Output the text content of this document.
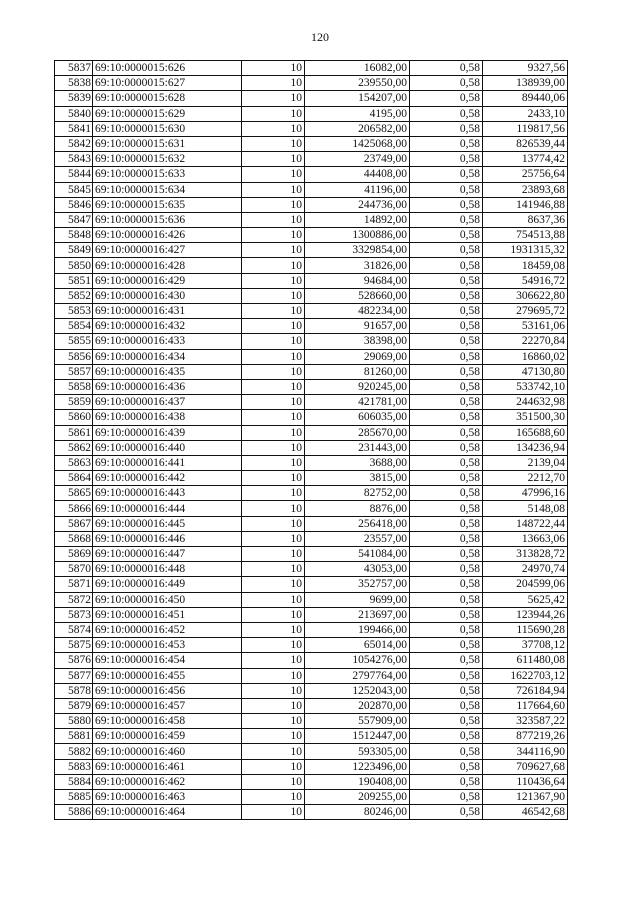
120
5837	69:10:0000015:626	10	16082,00	0,58	9327,56
5838	69:10:0000015:627	10	239550,00	0,58	138939,00
5839	69:10:0000015:628	10	154207,00	0,58	89440,06
5840	69:10:0000015:629	10	4195,00	0,58	2433,10
5841	69:10:0000015:630	10	206582,00	0,58	119817,56
5842	69:10:0000015:631	10	1425068,00	0,58	826539,44
5843	69:10:0000015:632	10	23749,00	0,58	13774,42
5844	69:10:0000015:633	10	44408,00	0,58	25756,64
5845	69:10:0000015:634	10	41196,00	0,58	23893,68
5846	69:10:0000015:635	10	244736,00	0,58	141946,88
5847	69:10:0000015:636	10	14892,00	0,58	8637,36
5848	69:10:0000016:426	10	1300886,00	0,58	754513,88
5849	69:10:0000016:427	10	3329854,00	0,58	1931315,32
5850	69:10:0000016:428	10	31826,00	0,58	18459,08
5851	69:10:0000016:429	10	94684,00	0,58	54916,72
5852	69:10:0000016:430	10	528660,00	0,58	306622,80
5853	69:10:0000016:431	10	482234,00	0,58	279695,72
5854	69:10:0000016:432	10	91657,00	0,58	53161,06
5855	69:10:0000016:433	10	38398,00	0,58	22270,84
5856	69:10:0000016:434	10	29069,00	0,58	16860,02
5857	69:10:0000016:435	10	81260,00	0,58	47130,80
5858	69:10:0000016:436	10	920245,00	0,58	533742,10
5859	69:10:0000016:437	10	421781,00	0,58	244632,98
5860	69:10:0000016:438	10	606035,00	0,58	351500,30
5861	69:10:0000016:439	10	285670,00	0,58	165688,60
5862	69:10:0000016:440	10	231443,00	0,58	134236,94
5863	69:10:0000016:441	10	3688,00	0,58	2139,04
5864	69:10:0000016:442	10	3815,00	0,58	2212,70
5865	69:10:0000016:443	10	82752,00	0,58	47996,16
5866	69:10:0000016:444	10	8876,00	0,58	5148,08
5867	69:10:0000016:445	10	256418,00	0,58	148722,44
5868	69:10:0000016:446	10	23557,00	0,58	13663,06
5869	69:10:0000016:447	10	541084,00	0,58	313828,72
5870	69:10:0000016:448	10	43053,00	0,58	24970,74
5871	69:10:0000016:449	10	352757,00	0,58	204599,06
5872	69:10:0000016:450	10	9699,00	0,58	5625,42
5873	69:10:0000016:451	10	213697,00	0,58	123944,26
5874	69:10:0000016:452	10	199466,00	0,58	115690,28
5875	69:10:0000016:453	10	65014,00	0,58	37708,12
5876	69:10:0000016:454	10	1054276,00	0,58	611480,08
5877	69:10:0000016:455	10	2797764,00	0,58	1622703,12
5878	69:10:0000016:456	10	1252043,00	0,58	726184,94
5879	69:10:0000016:457	10	202870,00	0,58	117664,60
5880	69:10:0000016:458	10	557909,00	0,58	323587,22
5881	69:10:0000016:459	10	1512447,00	0,58	877219,26
5882	69:10:0000016:460	10	593305,00	0,58	344116,90
5883	69:10:0000016:461	10	1223496,00	0,58	709627,68
5884	69:10:0000016:462	10	190408,00	0,58	110436,64
5885	69:10:0000016:463	10	209255,00	0,58	121367,90
5886	69:10:0000016:464	10	80246,00	0,58	46542,68
